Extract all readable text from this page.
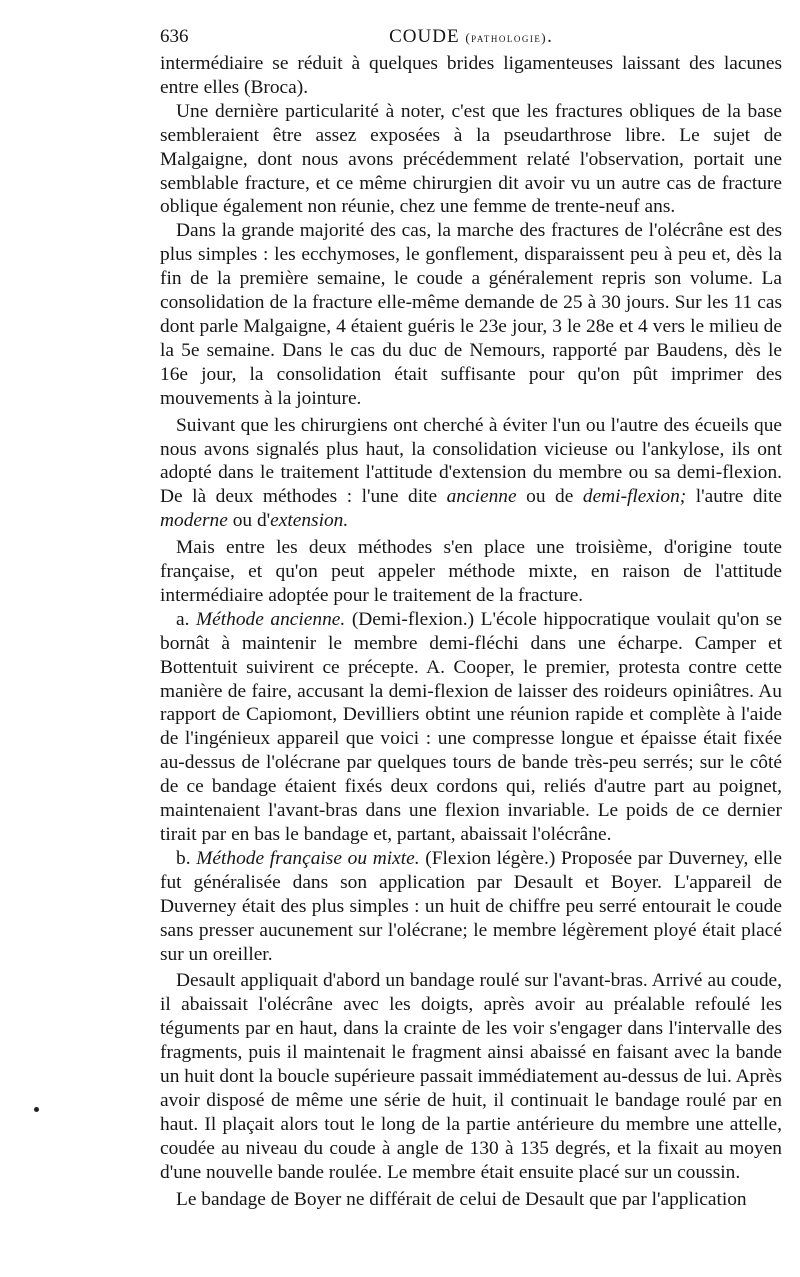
636	COUDE (pathologie).

intermédiaire se réduit à quelques brides ligamenteuses laissant des lacunes entre elles (Broca).

Une dernière particularité à noter, c'est que les fractures obliques de la base sembleraient être assez exposées à la pseudarthrose libre. Le sujet de Malgaigne, dont nous avons précédemment relaté l'observation, portait une semblable fracture, et ce même chirurgien dit avoir vu un autre cas de fracture oblique également non réunie, chez une femme de trente-neuf ans.

Dans la grande majorité des cas, la marche des fractures de l'olécrâne est des plus simples : les ecchymoses, le gonflement, disparaissent peu à peu et, dès la fin de la première semaine, le coude a généralement repris son volume. La consolidation de la fracture elle-même demande de 25 à 30 jours. Sur les 11 cas dont parle Malgaigne, 4 étaient guéris le 23e jour, 3 le 28e et 4 vers le milieu de la 5e semaine. Dans le cas du duc de Nemours, rapporté par Baudens, dès le 16e jour, la consolidation était suffisante pour qu'on pût imprimer des mouvements à la jointure.

Suivant que les chirurgiens ont cherché à éviter l'un ou l'autre des écueils que nous avons signalés plus haut, la consolidation vicieuse ou l'ankylose, ils ont adopté dans le traitement l'attitude d'extension du membre ou sa demi-flexion. De là deux méthodes : l'une dite ancienne ou de demi-flexion; l'autre dite moderne ou d'extension.

Mais entre les deux méthodes s'en place une troisième, d'origine toute française, et qu'on peut appeler méthode mixte, en raison de l'attitude intermédiaire adoptée pour le traitement de la fracture.

a. Méthode ancienne. (Demi-flexion.) L'école hippocratique voulait qu'on se bornât à maintenir le membre demi-fléchi dans une écharpe. Camper et Bottentuit suivirent ce précepte. A. Cooper, le premier, protesta contre cette manière de faire, accusant la demi-flexion de laisser des roideurs opiniâtres. Au rapport de Capiomont, Devilliers obtint une réunion rapide et complète à l'aide de l'ingénieux appareil que voici : une compresse longue et épaisse était fixée au-dessus de l'olécrane par quelques tours de bande très-peu serrés; sur le côté de ce bandage étaient fixés deux cordons qui, reliés d'autre part au poignet, maintenaient l'avant-bras dans une flexion invariable. Le poids de ce dernier tirait par en bas le bandage et, partant, abaissait l'olécrâne.

b. Méthode française ou mixte. (Flexion légère.) Proposée par Duverney, elle fut généralisée dans son application par Desault et Boyer. L'appareil de Duverney était des plus simples : un huit de chiffre peu serré entourait le coude sans presser aucunement sur l'olécrane; le membre légèrement ployé était placé sur un oreiller.

Desault appliquait d'abord un bandage roulé sur l'avant-bras. Arrivé au coude, il abaissait l'olécrâne avec les doigts, après avoir au préalable refoulé les téguments par en haut, dans la crainte de les voir s'engager dans l'intervalle des fragments, puis il maintenait le fragment ainsi abaissé en faisant avec la bande un huit dont la boucle supérieure passait immédiatement au-dessus de lui. Après avoir disposé de même une série de huit, il continuait le bandage roulé par en haut. Il plaçait alors tout le long de la partie antérieure du membre une attelle, coudée au niveau du coude à angle de 130 à 135 degrés, et la fixait au moyen d'une nouvelle bande roulée. Le membre était ensuite placé sur un coussin.

Le bandage de Boyer ne différait de celui de Desault que par l'application
